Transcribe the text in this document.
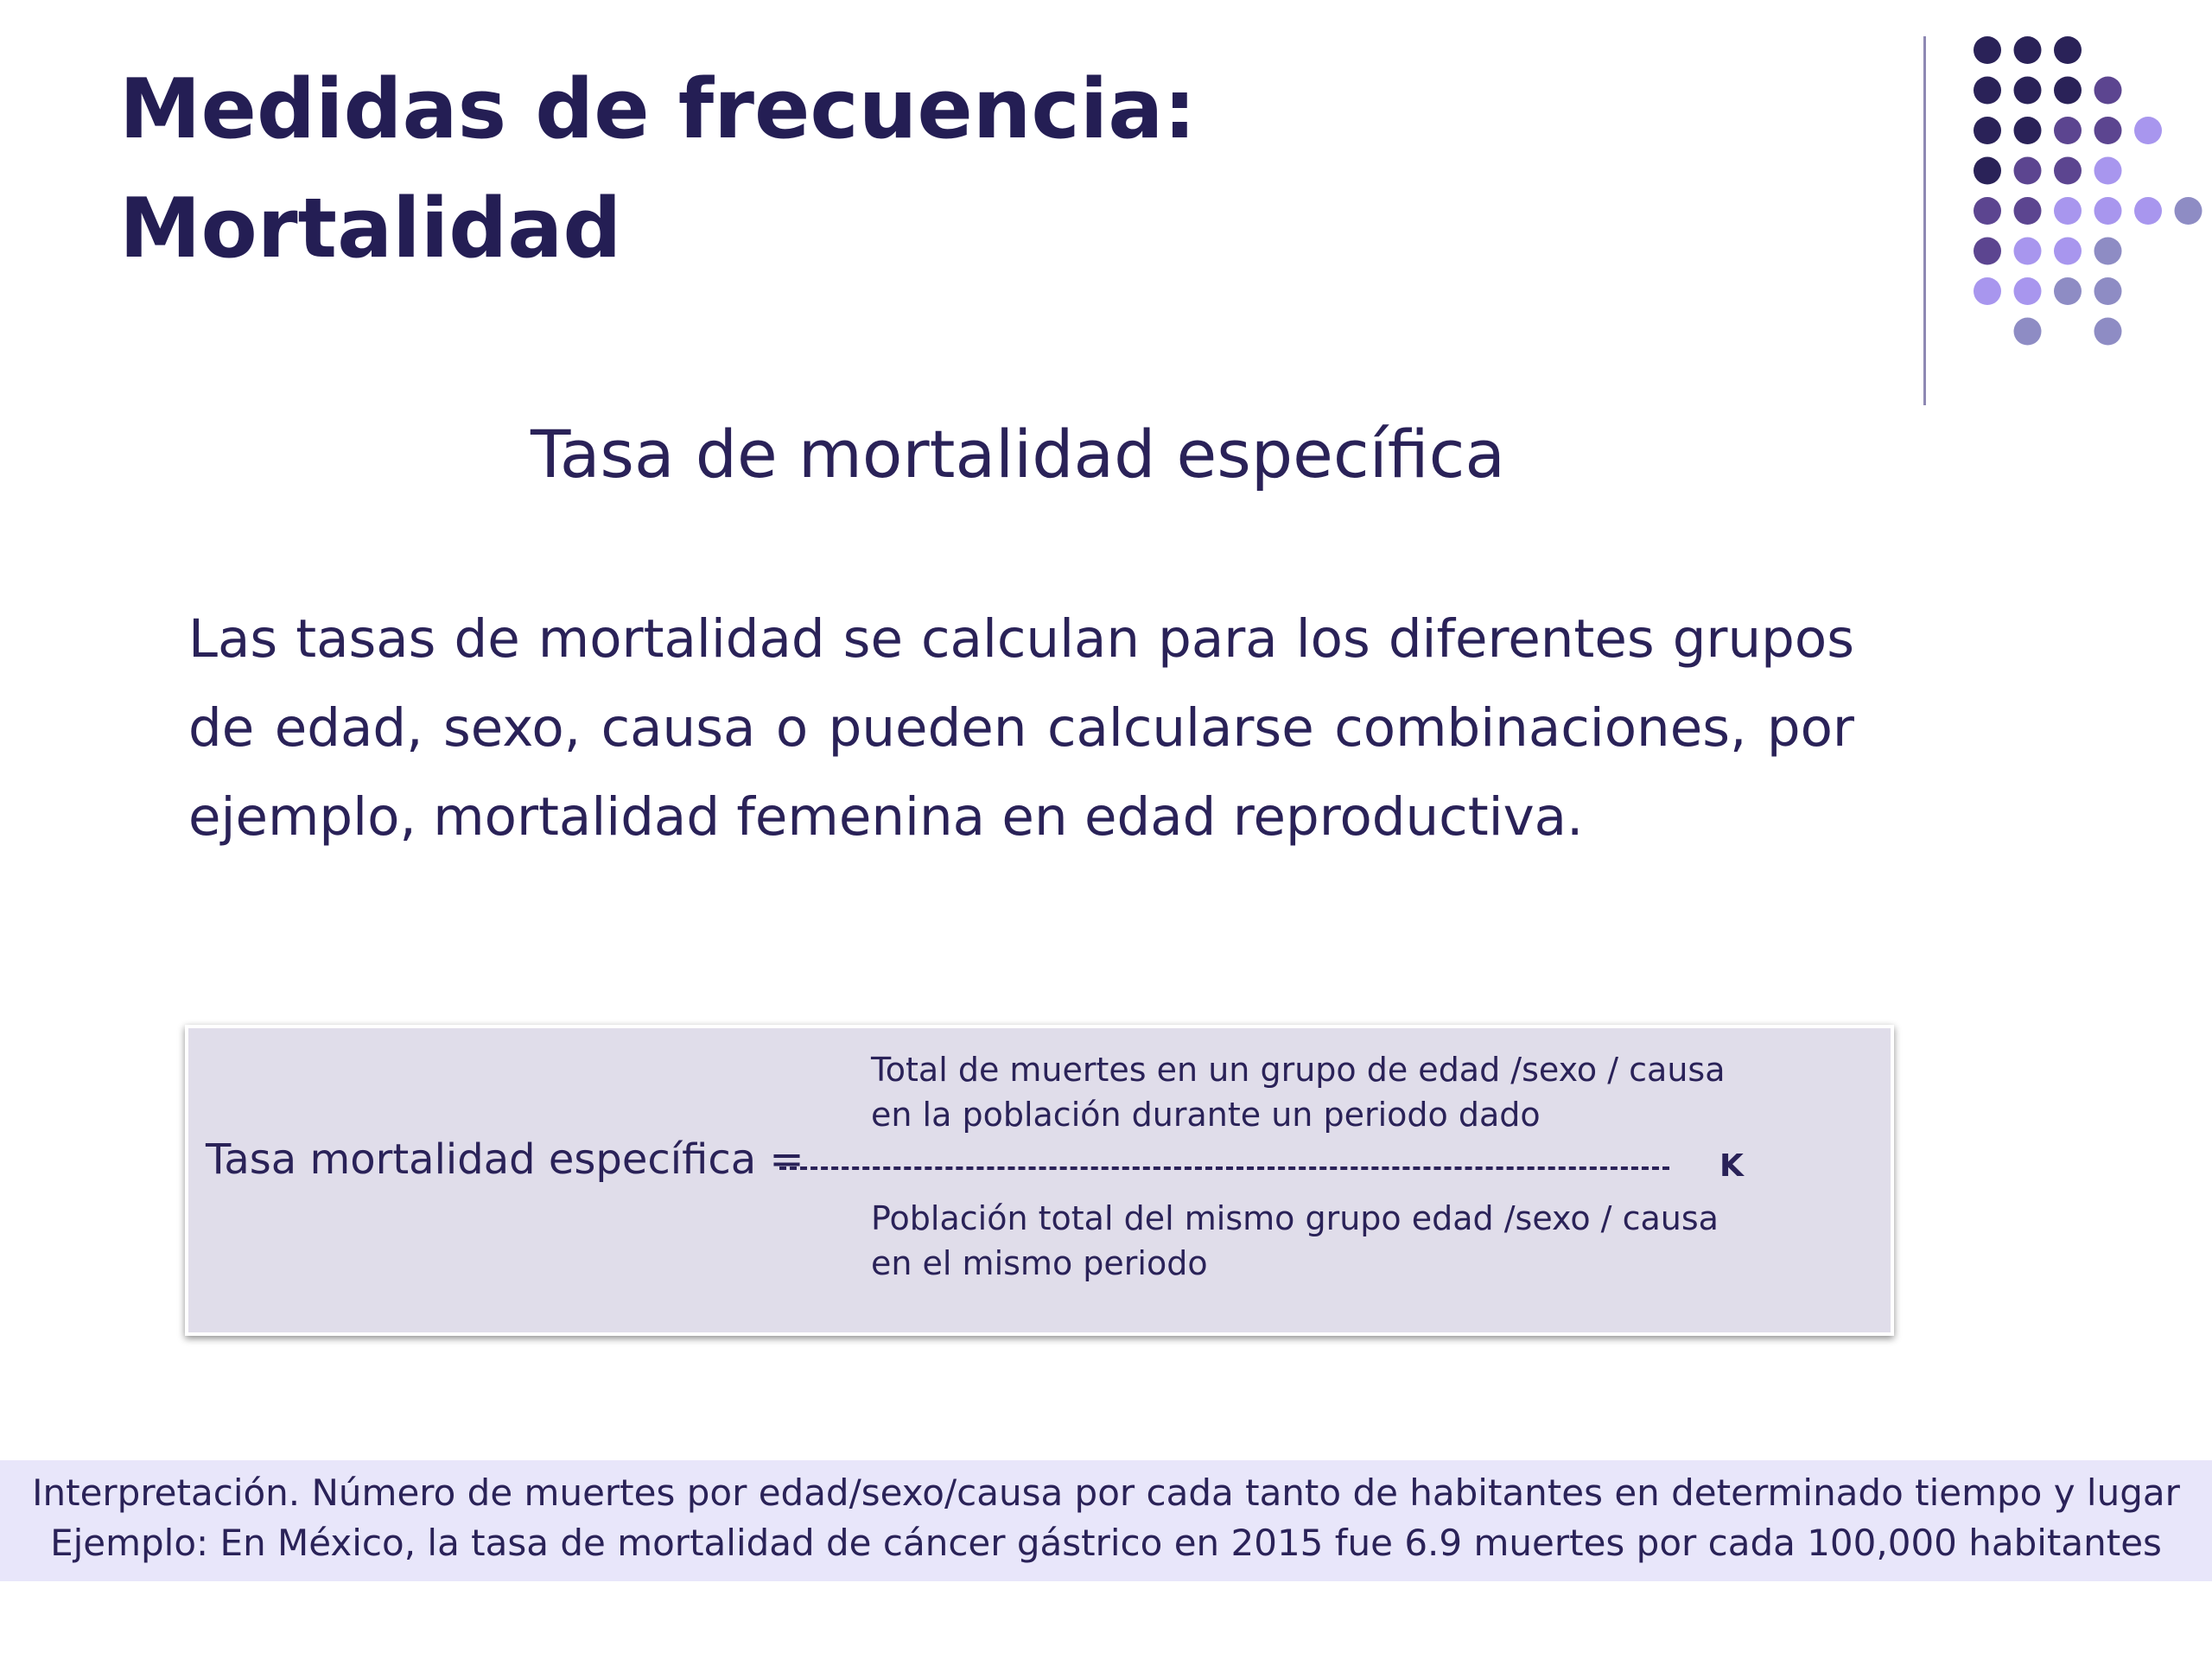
Medidas de frecuencia:
Mortalidad
Tasa de mortalidad específica

Las tasas de mortalidad se calculan para los diferentes grupos de edad, sexo, causa o pueden calcularse combinaciones, por ejemplo, mortalidad femenina en edad reproductiva.

Tasa mortalidad específica =
Total de muertes en un grupo de edad /sexo / causa
en la población durante un periodo dado
Población total del mismo grupo edad /sexo / causa
en el mismo periodo
K
Interpretación. Número de muertes por edad/sexo/causa por cada tanto de habitantes en determinado tiempo y lugar
Ejemplo: En México, la tasa de mortalidad de cáncer gástrico en 2015 fue 6.9 muertes por cada 100,000 habitantes
